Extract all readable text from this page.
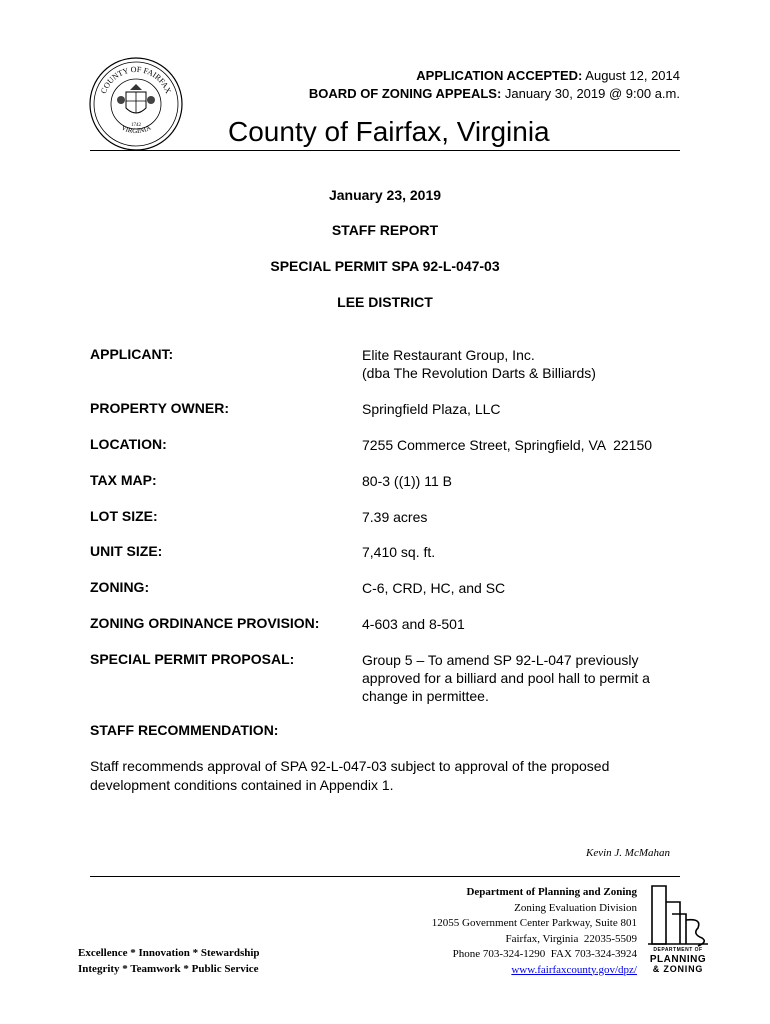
COUNTY OF FAIRFAX
VIRGINIA
1742
APPLICATION ACCEPTED: August 12, 2014
BOARD OF ZONING APPEALS: January 30, 2019 @ 9:00 a.m.
County of Fairfax, Virginia
January 23, 2019
STAFF REPORT
SPECIAL PERMIT SPA 92-L-047-03
LEE DISTRICT
APPLICANT:	Elite Restaurant Group, Inc.
(dba The Revolution Darts & Billiards)
PROPERTY OWNER:	Springfield Plaza, LLC
LOCATION:	7255 Commerce Street, Springfield, VA  22150
TAX MAP:	80-3 ((1)) 11 B
LOT SIZE:	7.39 acres
UNIT SIZE:	7,410 sq. ft.
ZONING:	C-6, CRD, HC, and SC
ZONING ORDINANCE PROVISION:	4-603 and 8-501
SPECIAL PERMIT PROPOSAL:	Group 5 – To amend SP 92-L-047 previously
approved for a billiard and pool hall to permit a
change in permittee.
STAFF RECOMMENDATION:
Staff recommends approval of SPA 92-L-047-03 subject to approval of the proposed development conditions contained in Appendix 1.
Kevin J. McMahan
Excellence * Innovation * Stewardship
Integrity * Teamwork * Public Service
Department of Planning and Zoning
Zoning Evaluation Division
12055 Government Center Parkway, Suite 801
Fairfax, Virginia  22035-5509
Phone 703-324-1290  FAX 703-324-3924
www.fairfaxcounty.gov/dpz/
DEPARTMENT OF
PLANNING
& ZONING
